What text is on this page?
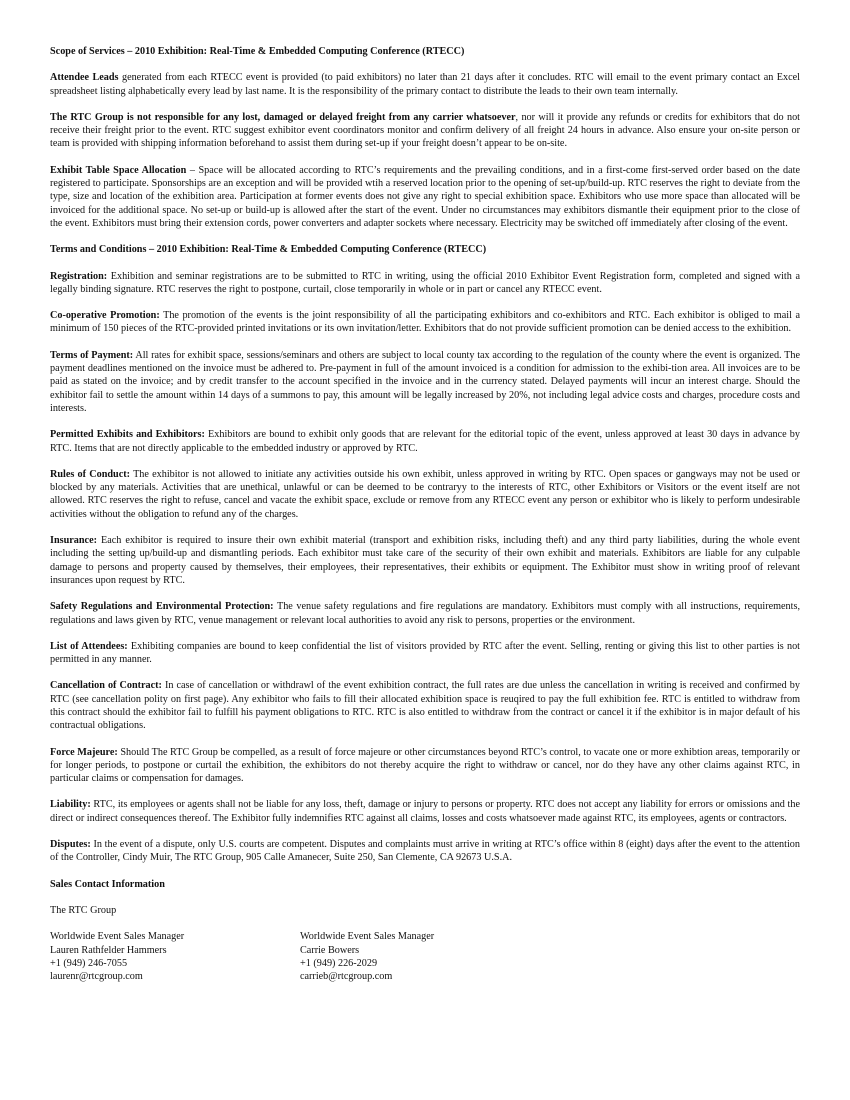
Scope of Services – 2010 Exhibition: Real-Time & Embedded Computing Conference (RTECC)

Attendee Leads generated from each RTECC event is provided (to paid exhibitors) no later than 21 days after it concludes. RTC will email to the event primary contact an Excel spreadsheet listing alphabetically every lead by last name. It is the responsibility of the primary contact to distribute the leads to their own team internally.

The RTC Group is not responsible for any lost, damaged or delayed freight from any carrier whatsoever, nor will it provide any refunds or credits for exhibitors that do not receive their freight prior to the event. RTC suggest exhibitor event coordinators monitor and confirm delivery of all freight 24 hours in advance. Also ensure your on-site person or team is provided with shipping information beforehand to assist them during set-up if your freight doesn’t appear to be on-site.

Exhibit Table Space Allocation – Space will be allocated according to RTC’s requirements and the prevailing conditions, and in a first-come first-served order based on the date registered to participate. Sponsorships are an exception and will be provided wtih a reserved location prior to the opening of set-up/build-up. RTC reserves the right to deviate from the type, size and location of the exhibition area. Participation at former events does not give any right to special exhibition space. Exhibitors who use more space than allocated will be invoiced for the additional space. No set-up or build-up is allowed after the start of the event. Under no circumstances may exhibitors dismantle their equipment prior to the close of the event. Exhibitors must bring their extension cords, power converters and adapter sockets where necessary. Electricity may be switched off immediately after closing of the event.

Terms and Conditions – 2010 Exhibition: Real-Time & Embedded Computing Conference (RTECC)

Registration: Exhibition and seminar registrations are to be submitted to RTC in writing, using the official 2010 Exhibitor Event Registration form, completed and signed with a legally binding signature. RTC reserves the right to postpone, curtail, close temporarily in whole or in part or cancel any RTECC event.

Co-operative Promotion: The promotion of the events is the joint responsibility of all the participating exhibitors and co-exhibitors and RTC. Each exhibitor is obliged to mail a minimum of 150 pieces of the RTC-provided printed invitations or its own invitation/letter. Exhibitors that do not provide sufficient promotion can be denied access to the exhibition.

Terms of Payment: All rates for exhibit space, sessions/seminars and others are subject to local county tax according to the regulation of the county where the event is organized. The payment deadlines mentioned on the invoice must be adhered to. Pre-payment in full of the amount invoiced is a condition for admission to the exhibi-tion area. All invoices are to be paid as stated on the invoice; and by credit transfer to the account specified in the invoice and in the currency stated. Delayed payments will incur an interest charge. Should the exhibitor fail to settle the amount within 14 days of a summons to pay, this amount will be legally increased by 20%, not including legal advice costs and charges, procedure costs and interests.

Permitted Exhibits and Exhibitors: Exhibitors are bound to exhibit only goods that are relevant for the editorial topic of the event, unless approved at least 30 days in advance by RTC. Items that are not directly applicable to the embedded industry or approved by RTC.

Rules of Conduct: The exhibitor is not allowed to initiate any activities outside his own exhibit, unless approved in writing by RTC. Open spaces or gangways may not be used or blocked by any materials. Activities that are unethical, unlawful or can be deemed to be contraryy to the interests of RTC, other Exhibitors or Visitors or the event itself are not allowed. RTC reserves the right to refuse, cancel and vacate the exhibit space, exclude or remove from any RTECC event any person or exhibitor who is likely to perform undesirable activities without the obligation to refund any of the charges.

Insurance: Each exhibitor is required to insure their own exhibit material (transport and exhibition risks, including theft) and any third party liabilities, during the whole event including the setting up/build-up and dismantling periods. Each exhibitor must take care of the security of their own exhibit and materials. Exhibitors are liable for any culpable damage to persons and property caused by themselves, their employees, their representatives, their exhibits or equipment. The Exhibitor must show in writing proof of relevant insurances upon request by RTC.

Safety Regulations and Environmental Protection: The venue safety regulations and fire regulations are mandatory. Exhibitors must comply with all instructions, requirements, regulations and laws given by RTC, venue management or relevant local authorities to avoid any risk to persons, properties or the environment.

List of Attendees: Exhibiting companies are bound to keep confidential the list of visitors provided by RTC after the event. Selling, renting or giving this list to other parties is not permitted in any manner.

Cancellation of Contract: In case of cancellation or withdrawl of the event exhibition contract, the full rates are due unless the cancellation in writing is received and confirmed by RTC (see cancellation polity on first page). Any exhibitor who fails to fill their allocated exhibition space is reuqired to pay the full exhibition fee. RTC is entitled to withdraw from this contract should the exhibitor fail to fulfill his payment obligations to RTC. RTC is also entitled to withdraw from the contract or cancel it if the exhibitor is in major default of his contractual obligations.

Force Majeure: Should The RTC Group be compelled, as a result of force majeure or other circumstances beyond RTC’s control, to vacate one or more exhibtion areas, temporarily or for longer periods, to postpone or curtail the exhibition, the exhibitors do not thereby acquire the right to withdraw or cancel, nor do they have any other claims against RTC, in particular claims or compensation for damages.

Liability: RTC, its employees or agents shall not be liable for any loss, theft, damage or injury to persons or property. RTC does not accept any liability for errors or omissions and the direct or indirect consequences thereof. The Exhibitor fully indemnifies RTC against all claims, losses and costs whatsoever made against RTC, its employees, agents or contractors.

Disputes: In the event of a dispute, only U.S. courts are competent. Disputes and complaints must arrive in writing at RTC’s office within 8 (eight) days after the event to the attention of the Controller, Cindy Muir, The RTC Group, 905 Calle Amanecer, Suite 250, San Clemente, CA 92673 U.S.A.

Sales Contact Information
The RTC Group
Worldwide Event Sales Manager
Lauren Rathfelder Hammers
+1 (949) 246-7055
laurenr@rtcgroup.com
Worldwide Event Sales Manager
Carrie Bowers
+1 (949) 226-2029
carrieb@rtcgroup.com
